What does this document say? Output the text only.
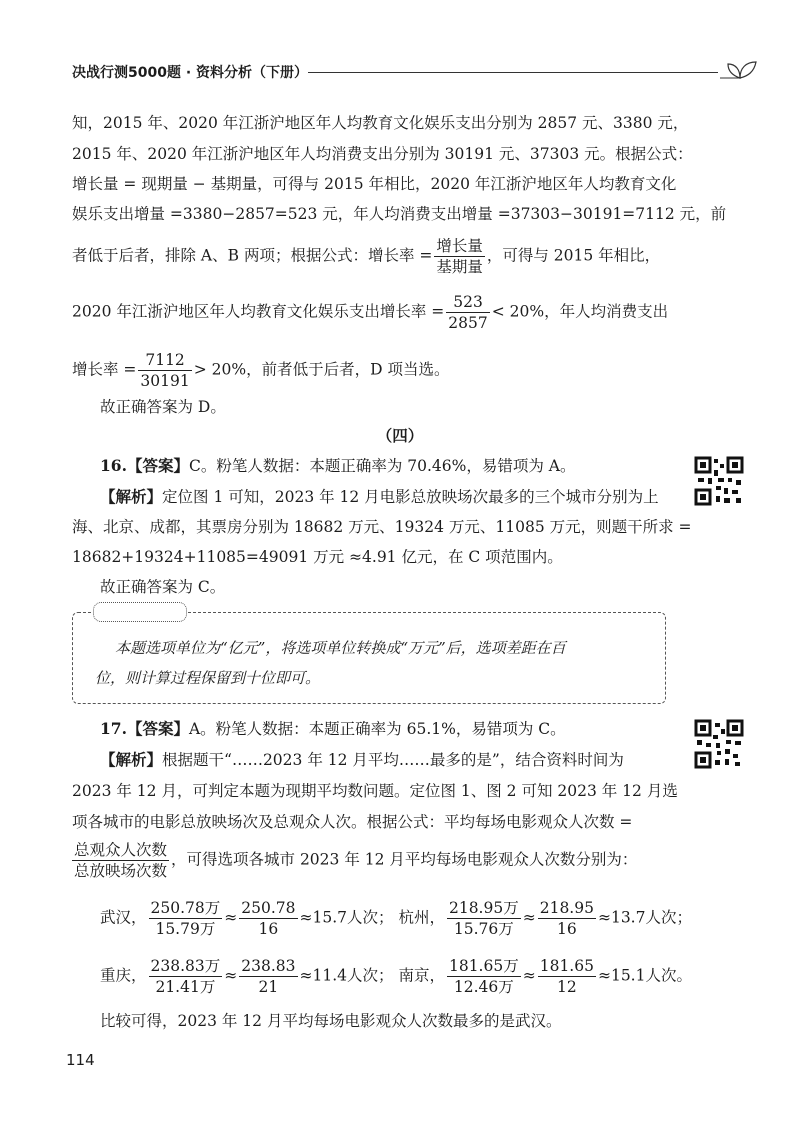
决战行测5000题 · 资料分析（下册）
知，2015 年、2020 年江浙沪地区年人均教育文化娱乐支出分别为 2857 元、3380 元，
2015 年、2020 年江浙沪地区年人均消费支出分别为 30191 元、37303 元。根据公式：
增长量 = 现期量 − 基期量，可得与 2015 年相比，2020 年江浙沪地区年人均教育文化
娱乐支出增量 =3380−2857=523 元，年人均消费支出增量 =37303−30191=7112 元，前
者低于后者，排除 A、B 两项；根据公式：增长率 = $\frac{\text{增长量}}{\text{基期量}}$ ，可得与 2015 年相比，
2020 年江浙沪地区年人均教育文化娱乐支出增长率 = $\frac{523}{2857} < 20\%$，年人均消费支出
增长率 = $\frac{7112}{30191} > 20\%$，前者低于后者，D 项当选。
故正确答案为 D。
（四）
16.【答案】C。粉笔人数据：本题正确率为 70.46%，易错项为 A。
【解析】定位图 1 可知，2023 年 12 月电影总放映场次最多的三个城市分别为上
海、北京、成都，其票房分别为 18682 万元、19324 万元、11085 万元，则题干所求 =
18682+19324+11085=49091 万元 ≈4.91 亿元，在 C 项范围内。
故正确答案为 C。
本题选项单位为“亿元”，将选项单位转换成“万元”后，选项差距在百
位，则计算过程保留到十位即可。
17.【答案】A。粉笔人数据：本题正确率为 65.1%，易错项为 C。
【解析】根据题干“……2023 年 12 月平均……最多的是”，结合资料时间为
2023 年 12 月，可判定本题为现期平均数问题。定位图 1、图 2 可知 2023 年 12 月选
项各城市的电影总放映场次及总观众人次。根据公式：平均每场电影观众人次数 =
$\frac{\text{总观众人次数}}{\text{总放映场次数}}$ ，可得选项各城市 2023 年 12 月平均每场电影观众人次数分别为：
武汉， $\frac{\text{250.78万}}{\text{15.79万}} \approx \frac{250.78}{16} \approx 15.7$人次； 杭州， $\frac{\text{218.95万}}{\text{15.76万}} \approx \frac{218.95}{16} \approx 13.7$人次；
重庆， $\frac{\text{238.83万}}{\text{21.41万}} \approx \frac{238.83}{21} \approx 11.4$人次； 南京， $\frac{\text{181.65万}}{\text{12.46万}} \approx \frac{181.65}{12} \approx 15.1$人次。
比较可得，2023 年 12 月平均每场电影观众人次数最多的是武汉。
114
